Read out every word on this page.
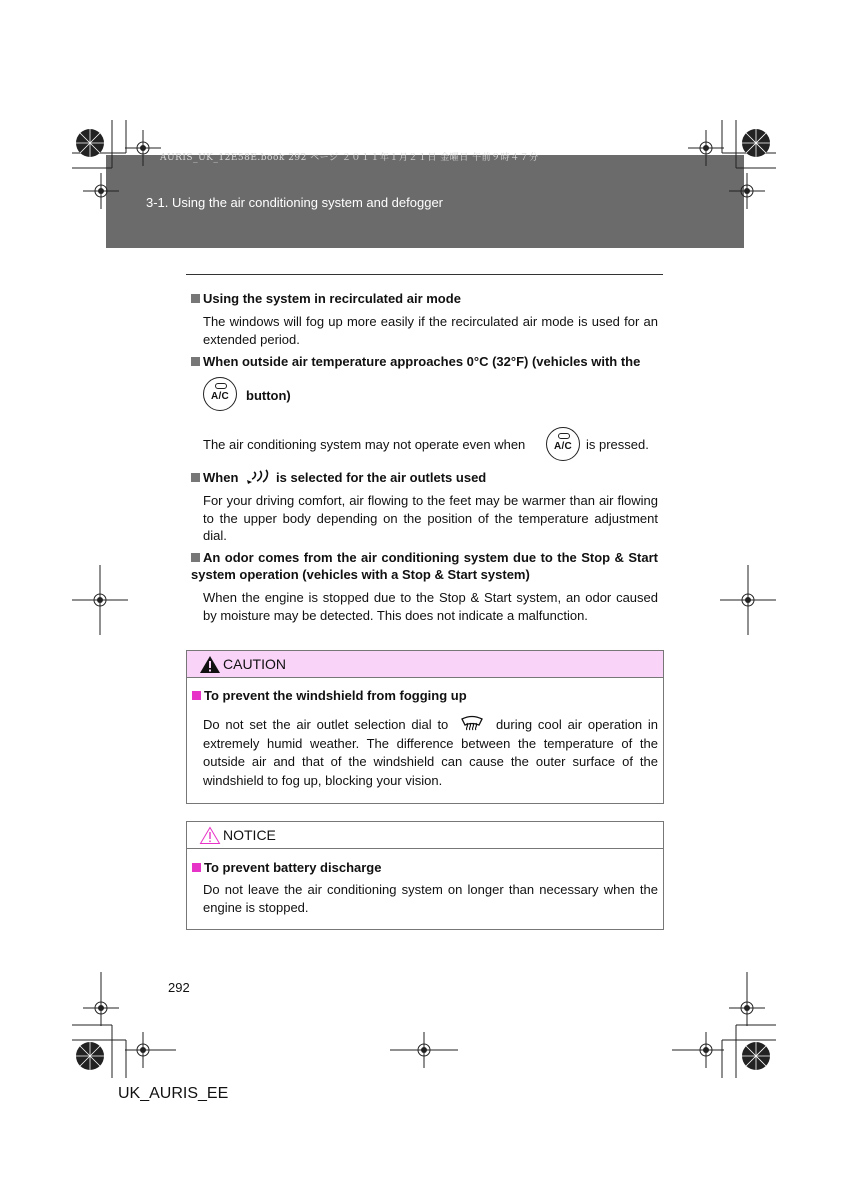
AURIS_UK_12E58E.book 292 ページ ２０１１年１月２１日 金曜日 午前９時４７分
3-1. Using the air conditioning system and defogger
Using the system in recirculated air mode
The windows will fog up more easily if the recirculated air mode is used for an extended period.
When outside air temperature approaches 0°C (32°F) (vehicles with the
A/C	button)
The air conditioning system may not operate even when	A/C	is pressed.
When	is selected for the air outlets used
For your driving comfort, air flowing to the feet may be warmer than air flowing to the upper body depending on the position of the temperature adjustment dial.
An odor comes from the air conditioning system due to the Stop & Start system operation (vehicles with a Stop & Start system)
When the engine is stopped due to the Stop & Start system, an odor caused by moisture may be detected. This does not indicate a malfunction.
CAUTION
To prevent the windshield from fogging up
Do not set the air outlet selection dial to	during cool air operation in extremely humid weather. The difference between the temperature of the outside air and that of the windshield can cause the outer surface of the windshield to fog up, blocking your vision.
NOTICE
To prevent battery discharge
Do not leave the air conditioning system on longer than necessary when the engine is stopped.
292
UK_AURIS_EE
